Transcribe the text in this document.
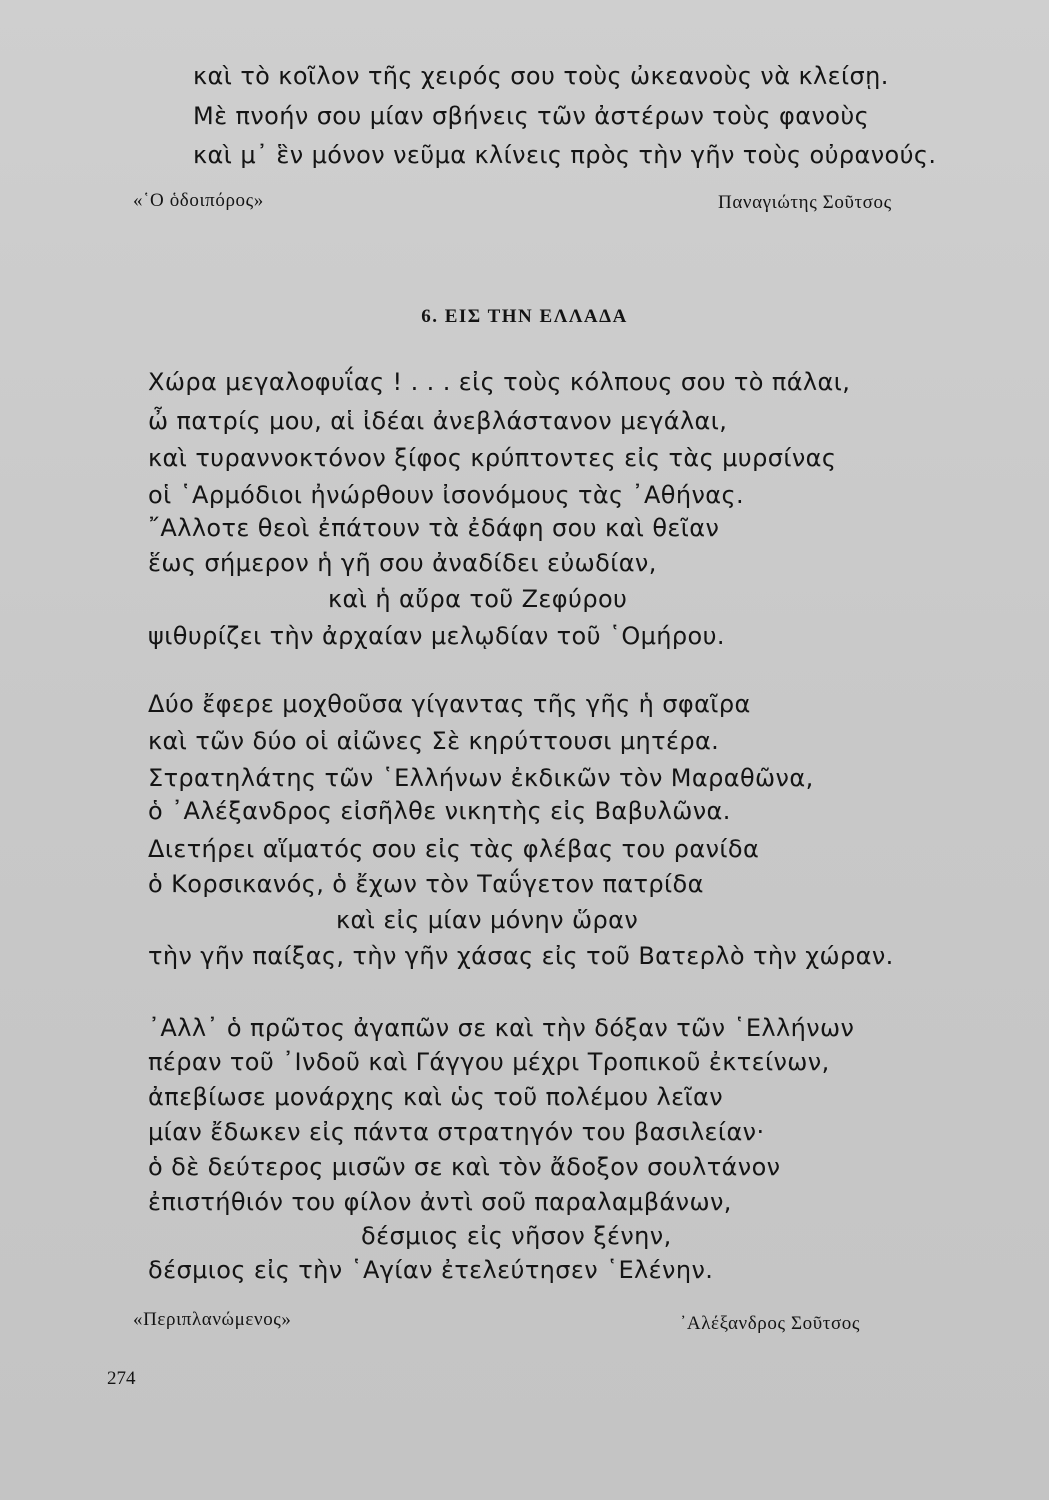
καὶ τὸ κοῖλον τῆς χειρός σου τοὺς ὠκεανοὺς νὰ κλείσῃ.
Μὲ πνοήν σου μίαν σβήνεις τῶν ἀστέρων τοὺς φανοὺς
καὶ μ᾿ ἓν μόνον νεῦμα κλίνεις πρὸς τὴν γῆν τοὺς οὐρανούς.
«῾Ο ὁδοιπόρος»	Παναγιώτης Σοῦτσος
6. ΕΙΣ ΤΗΝ ΕΛΛΑΔΑ
Χώρα μεγαλοφυΐας ! . . . εἰς τοὺς κόλπους σου τὸ πάλαι,
ὦ πατρίς μου, αἱ ἰδέαι ἀνεβλάστανον μεγάλαι,
καὶ τυραννοκτόνον ξίφος κρύπτοντες εἰς τὰς μυρσίνας
οἱ ῾Αρμόδιοι ἠνώρθουν ἰσονόμους τὰς ᾿Αθήνας.
῎Αλλοτε θεοὶ ἐπάτουν τὰ ἐδάφη σου καὶ θεῖαν
ἕως σήμερον ἡ γῆ σου ἀναδίδει εὐωδίαν,
καὶ ἡ αὔρα τοῦ Ζεφύρου
ψιθυρίζει τὴν ἀρχαίαν μελῳδίαν τοῦ ῾Ομήρου.
Δύο ἔφερε μοχθοῦσα γίγαντας τῆς γῆς ἡ σφαῖρα
καὶ τῶν δύο οἱ αἰῶνες Σὲ κηρύττουσι μητέρα.
Στρατηλάτης τῶν ῾Ελλήνων ἐκδικῶν τὸν Μαραθῶνα,
ὁ ᾿Αλέξανδρος εἰσῆλθε νικητὴς εἰς Βαβυλῶνα.
Διετήρει αἵματός σου εἰς τὰς φλέβας του ρανίδα
ὁ Κορσικανός, ὁ ἔχων τὸν Ταΰγετον πατρίδα
καὶ εἰς μίαν μόνην ὥραν
τὴν γῆν παίξας, τὴν γῆν χάσας εἰς τοῦ Βατερλὸ τὴν χώραν.
᾿Αλλ᾿ ὁ πρῶτος ἀγαπῶν σε καὶ τὴν δόξαν τῶν ῾Ελλήνων
πέραν τοῦ ᾿Ινδοῦ καὶ Γάγγου μέχρι Τροπικοῦ ἐκτείνων,
ἀπεβίωσε μονάρχης καὶ ὡς τοῦ πολέμου λεῖαν
μίαν ἔδωκεν εἰς πάντα στρατηγόν του βασιλείαν·
ὁ δὲ δεύτερος μισῶν σε καὶ τὸν ἄδοξον σουλτάνον
ἐπιστήθιόν του φίλον ἀντὶ σοῦ παραλαμβάνων,
δέσμιος εἰς νῆσον ξένην,
δέσμιος εἰς τὴν ῾Αγίαν ἐτελεύτησεν ῾Ελένην.
«Περιπλανώμενος»	᾿Αλέξανδρος Σοῦτσος
274
